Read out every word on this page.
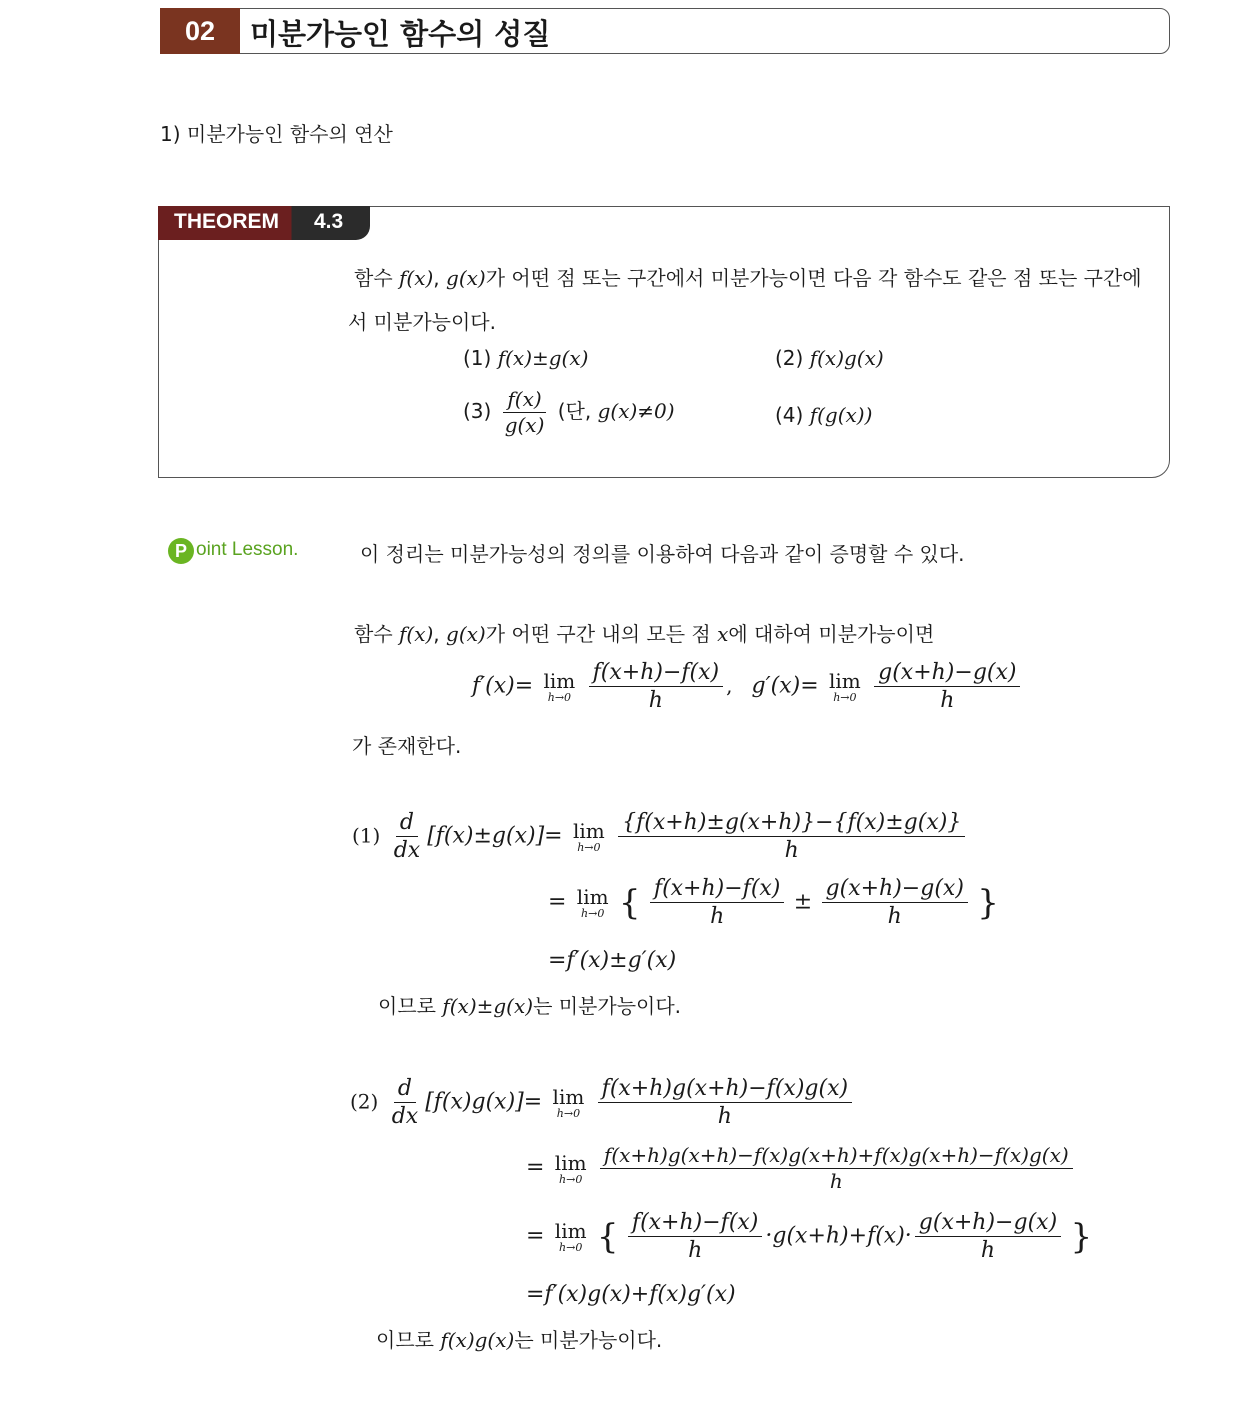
02	미분가능인 함수의 성질
1) 미분가능인 함수의 연산
THEOREM 4.3
함수 f(x), g(x)가 어떤 점 또는 구간에서 미분가능이면 다음 각 함수도 같은 점 또는 구간에
서 미분가능이다.
(1) f(x)±g(x)	(2) f(x)g(x)
$(3) \frac{f(x)}{g(x)}$ (단, g(x)≠0)	(4) f(g(x))
P oint Lesson.	이 정리는 미분가능성의 정의를 이용하여 다음과 같이 증명할 수 있다.
함수 f(x), g(x)가 어떤 구간 내의 모든 점 x에 대하여 미분가능이면
f′(x)= lim
h→0
$\frac{f(x+h)-f(x)}{h}$ , g′(x)= lim
h→0
$\frac{g(x+h)-g(x)}{h}$
가 존재한다.
$(1) \frac{d}{dx} [f(x)\pm g(x)]= \lim$
h→0
$\frac{\{f(x+h)\pm g(x+h)\}-\{f(x)\pm g(x)\}}{h}$
= lim
h→0 { $\frac{f(x+h)-f(x)}{h} \pm \frac{g(x+h)-g(x)}{h}$ }
=f′(x)±g′(x)
이므로 f(x)±g(x)는 미분가능이다.
$(2) \frac{d}{dx} [f(x)g(x)]= \lim$
h→0
$\frac{f(x+h)g(x+h)-f(x)g(x)}{h}$
= lim
h→0
$\frac{f(x+h)g(x+h)-f(x)g(x+h)+f(x)g(x+h)-f(x)g(x)}{h}$
= lim
h→0 { $\frac{f(x+h)-f(x)}{h} \cdot g(x+h)+f(x)\cdot \frac{g(x+h)-g(x)}{h}$ }
=f′(x)g(x)+f(x)g′(x)
이므로 f(x)g(x)는 미분가능이다.
